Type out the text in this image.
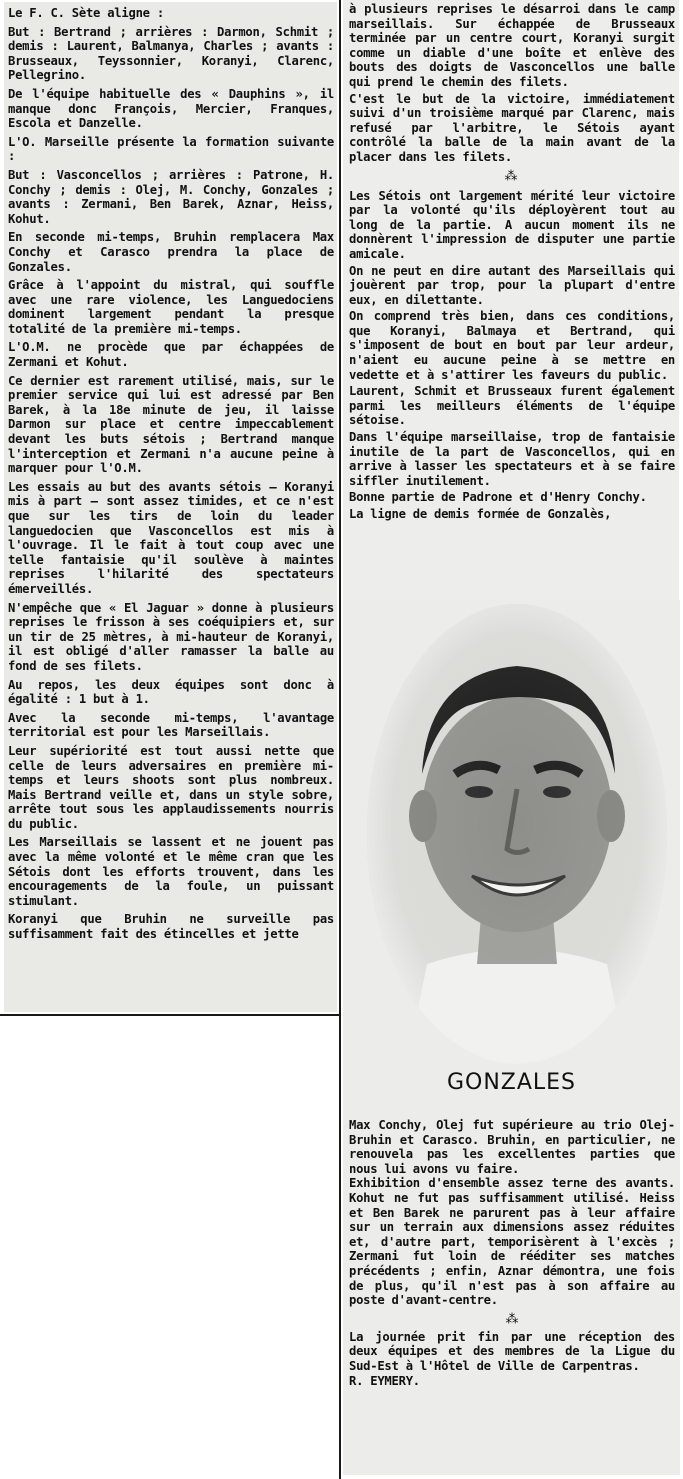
Le F. C. Sète aligne :

But : Bertrand ; arrières : Darmon, Schmit ; demis : Laurent, Balmanya, Charles ; avants : Brusseaux, Teyssonnier, Koranyi, Clarenc, Pellegrino.

De l'équipe habituelle des « Dauphins », il manque donc François, Mercier, Franques, Escola et Danzelle.

L'O. Marseille présente la formation suivante :

But : Vasconcellos ; arrières : Patrone, H. Conchy ; demis : Olej, M. Conchy, Gonzales ; avants : Zermani, Ben Barek, Aznar, Heiss, Kohut.

En seconde mi-temps, Bruhin remplacera Max Conchy et Carasco prendra la place de Gonzales.

Grâce à l'appoint du mistral, qui souffle avec une rare violence, les Languedociens dominent largement pendant la presque totalité de la première mi-temps.

L'O.M. ne procède que par échappées de Zermani et Kohut.

Ce dernier est rarement utilisé, mais, sur le premier service qui lui est adressé par Ben Barek, à la 18e minute de jeu, il laisse Darmon sur place et centre impeccablement devant les buts sétois ; Bertrand manque l'interception et Zermani n'a aucune peine à marquer pour l'O.M.

Les essais au but des avants sétois — Koranyi mis à part — sont assez timides, et ce n'est que sur les tirs de loin du leader languedocien que Vasconcellos est mis à l'ouvrage. Il le fait à tout coup avec une telle fantaisie qu'il soulève à maintes reprises l'hilarité des spectateurs émerveillés.

N'empêche que « El Jaguar » donne à plusieurs reprises le frisson à ses coéquipiers et, sur un tir de 25 mètres, à mi-hauteur de Koranyi, il est obligé d'aller ramasser la balle au fond de ses filets.

Au repos, les deux équipes sont donc à égalité : 1 but à 1.

Avec la seconde mi-temps, l'avantage territorial est pour les Marseillais.

Leur supériorité est tout aussi nette que celle de leurs adversaires en première mi-temps et leurs shoots sont plus nombreux. Mais Bertrand veille et, dans un style sobre, arrête tout sous les applaudissements nourris du public.

Les Marseillais se lassent et ne jouent pas avec la même volonté et le même cran que les Sétois dont les efforts trouvent, dans les encouragements de la foule, un puissant stimulant.

Koranyi que Bruhin ne surveille pas suffisamment fait des étincelles et jette

à plusieurs reprises le désarroi dans le camp marseillais. Sur échappée de Brusseaux terminée par un centre court, Koranyi surgit comme un diable d'une boîte et enlève des bouts des doigts de Vasconcellos une balle qui prend le chemin des filets.

C'est le but de la victoire, immédiatement suivi d'un troisième marqué par Clarenc, mais refusé par l'arbitre, le Sétois ayant contrôlé la balle de la main avant de la placer dans les filets.

⁂

Les Sétois ont largement mérité leur victoire par la volonté qu'ils déployèrent tout au long de la partie. A aucun moment ils ne donnèrent l'impression de disputer une partie amicale.

On ne peut en dire autant des Marseillais qui jouèrent par trop, pour la plupart d'entre eux, en dilettante.

On comprend très bien, dans ces conditions, que Koranyi, Balmaya et Bertrand, qui s'imposent de bout en bout par leur ardeur, n'aient eu aucune peine à se mettre en vedette et à s'attirer les faveurs du public.

Laurent, Schmit et Brusseaux furent également parmi les meilleurs éléments de l'équipe sétoise.

Dans l'équipe marseillaise, trop de fantaisie inutile de la part de Vasconcellos, qui en arrive à lasser les spectateurs et à se faire siffler inutilement.

Bonne partie de Padrone et d'Henry Conchy.

La ligne de demis formée de Gonzalès,

GONZALES

Max Conchy, Olej fut supérieure au trio Olej-Bruhin et Carasco. Bruhin, en particulier, ne renouvela pas les excellentes parties que nous lui avons vu faire.

Exhibition d'ensemble assez terne des avants. Kohut ne fut pas suffisamment utilisé. Heiss et Ben Barek ne parurent pas à leur affaire sur un terrain aux dimensions assez réduites et, d'autre part, temporisèrent à l'excès ; Zermani fut loin de rééditer ses matches précédents ; enfin, Aznar démontra, une fois de plus, qu'il n'est pas à son affaire au poste d'avant-centre.

⁂

La journée prit fin par une réception des deux équipes et des membres de la Ligue du Sud-Est à l'Hôtel de Ville de Carpentras.

R. EYMERY.
